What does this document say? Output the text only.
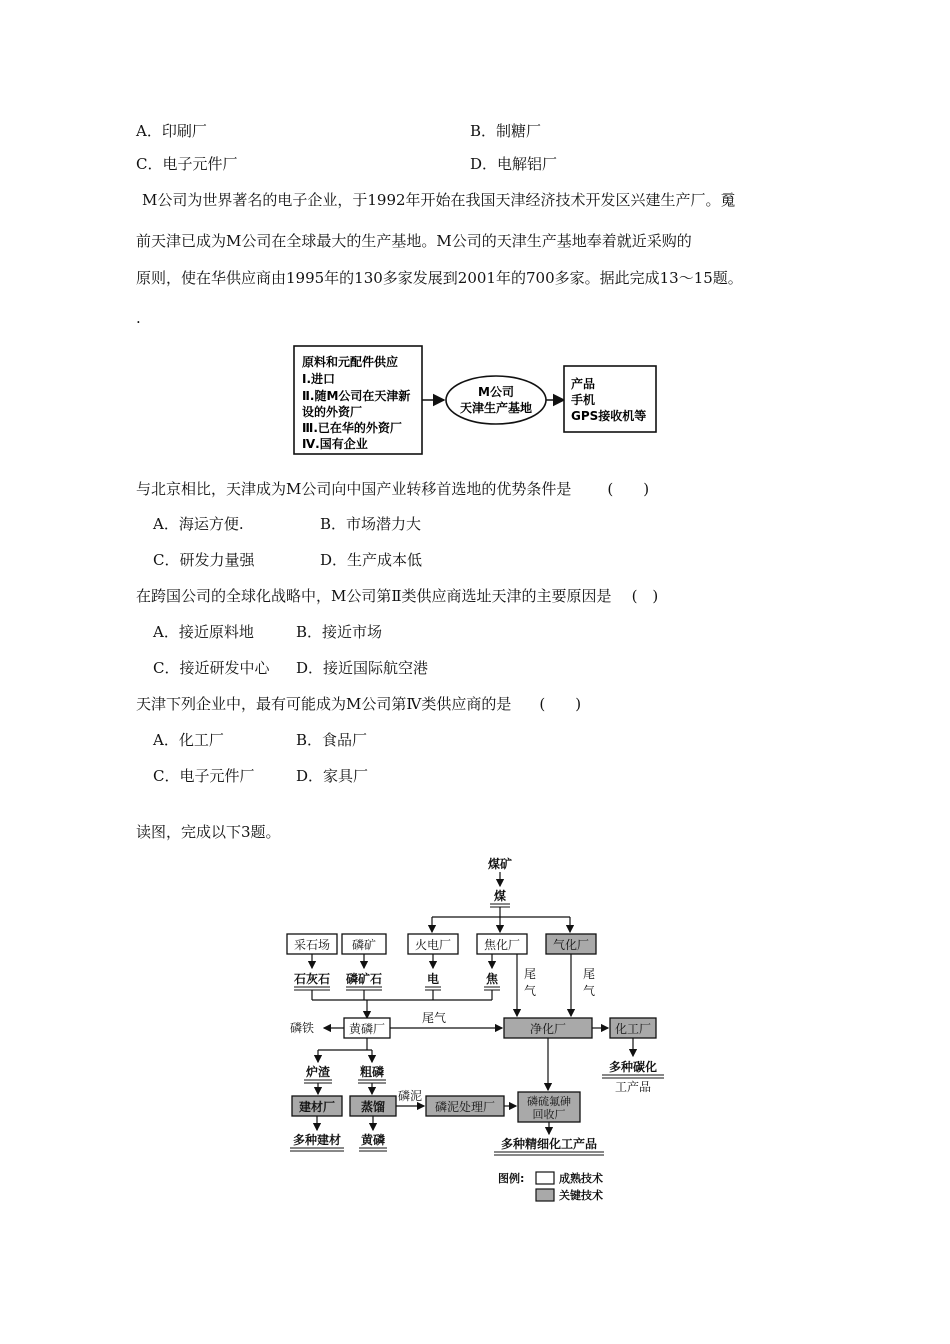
A．印刷厂	B．制糖厂
C．电子元件厂	D．电解铝厂
M公司为世界著名的电子企业，于1992年开始在我国天津经济技术开发区兴建生产厂。䰟
前天津已成为M公司在全球最大的生产基地。M公司的天津生产基地奉着就近采购的
原则，使在华供应商由1995年的130多家发展到2001年的700多家。据此完成13～15题。
.
原料和元配件供应
Ⅰ.进口
Ⅱ.随M公司在天津新
设的外资厂
Ⅲ.已在华的外资厂
Ⅳ.国有企业
M公司
天津生产基地
产品
手机
GPS接收机等
与北京相比，天津成为M公司向中国产业转移首选地的优势条件是 (　　)
A．海运方便.	B．市场潜力大
C．研发力量强	D．生产成本低
在跨国公司的全球化战略中，M公司第Ⅱ类供应商选址天津的主要原因是 (　)
A．接近原料地	B．接近市场
C．接近研发中心 D．接近国际航空港
天津下列企业中，最有可能成为M公司第Ⅳ类供应商的是 (　　)
A．化工厂	B．食品厂
C．电子元件厂	D．家具厂
读图，完成以下3题。
煤矿
煤
采石场 磷矿	火电厂	焦化厂	气化厂
石灰石 磷矿石	电	焦 尾
气
尾
气
磷铁	黄磷厂
尾气
净化厂	化工厂
多种碳化
工产品
炉渣 粗磷
建材厂 蒸馏
磷泥
磷泥处理厂	磷硫氟砷
回收厂
多种建材 黄磷	多种精细化工产品
图例:	成熟技术
关键技术
